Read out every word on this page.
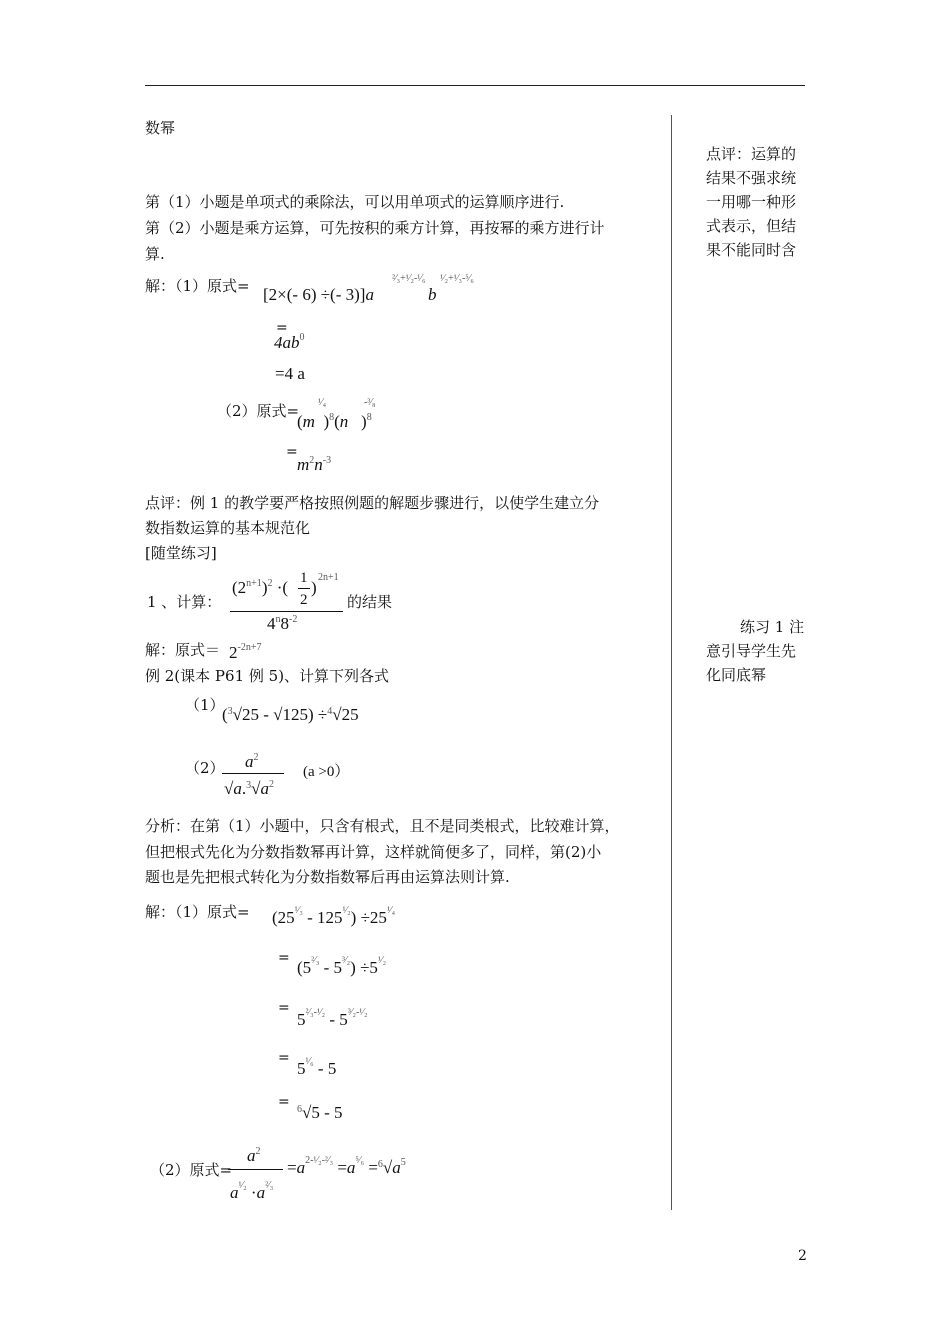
数幂
第（1）小题是单项式的乘除法，可以用单项式的运算顺序进行.
第（2）小题是乘方运算，可先按积的乘方计算，再按幂的乘方进行计
算.
解：（1）原式= [2×(- 6) ÷(- 3)]a
²⁄₃+¹⁄₂-¹⁄₆
b
¹⁄₂+¹⁄₃-⁵⁄₆
=
$4ab^0$
=4 a
（2）原式=
(m  )$^8$(n   )$^8$
¹⁄₄	-³⁄₈
=
$m^2n^{-3}$
点评：例 1 的教学要严格按照例题的解题步骤进行，以使学生建立分
数指数运算的基本规范化
[随堂练习]
1 、计算：
$(2^{n+1})^2$ ·( 1
2
)
2n+1
$4^n8^{-2}$
的结果
解：原式＝ $2^{-2n+7}$
例 2(课本 P61 例 5)、计算下列各式
（1）
($^3$√25 - √125) ÷$^4$√25
（2） $a^2$
$√a.^3√a^2$
(a >0）
分析：在第（1）小题中，只含有根式，且不是同类根式，比较难计算，
但把根式先化为分数指数幂再计算，这样就简便多了，同样，第(2)小
题也是先把根式转化为分数指数幂后再由运算法则计算.
解：（1）原式= $(25^{^1⁄_3} - 125^{^1⁄_2}) \div 25^{^1⁄_4}$
= $(5^{^2⁄_3} - 5^{^3⁄_2}) \div 5^{^1⁄_2}$
=
$5^{^2⁄_3-^1⁄_2} - 5^{^3⁄_2-^1⁄_2}$
=
$5^{^1⁄_6} - 5$
= $^6$√5 - 5
（2）原式=
$a^2$
$a^{^1⁄_2} \cdot a^{^2⁄_3}$
$=a^{2-^1⁄_2-^2⁄_3} =a^{^5⁄_6} =^6√a^5$
点评：运算的
结果不强求统
一用哪一种形
式表示，但结
果不能同时含
练习 1 注
意引导学生先
化同底幂
2
